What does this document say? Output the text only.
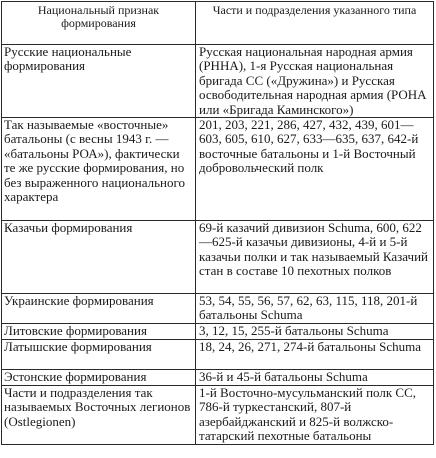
Национальный признак формирования	Части и подразделения указанного типа
Русские национальные формирования	Русская национальная народная армия (РННА), 1-я Русская национальная бригада СС («Дружина») и Русская освободительная народная армия (РОНА или «Бригада Каминского»)
Так называемые «восточные» батальоны (с весны 1943 г. — «батальоны РОА»), фактически те же русские формирования, но без выраженного национального характера	201, 203, 221, 286, 427, 432, 439, 601—603, 605, 610, 627, 633—635, 637, 642-й восточные батальоны и 1-й Восточный добровольческий полк
Казачьи формирования	69-й казачий дивизион Schuma, 600, 622—625-й казачьи дивизионы, 4-й и 5-й казачьи полки и так называемый Казачий стан в составе 10 пехотных полков
Украинские формирования	53, 54, 55, 56, 57, 62, 63, 115, 118, 201-й батальоны Schuma
Литовские формирования	3, 12, 15, 255-й батальоны Schuma
Латышские формирования	18, 24, 26, 271, 274-й батальоны Schuma
Эстонские формирования	36-й и 45-й батальоны Schuma
Части и подразделения так называемых Восточных легионов (Ostlegionen)	1-й Восточно-мусульманский полк СС, 786-й туркестанский, 807-й азербайджанский и 825-й волжско-татарский пехотные батальоны
